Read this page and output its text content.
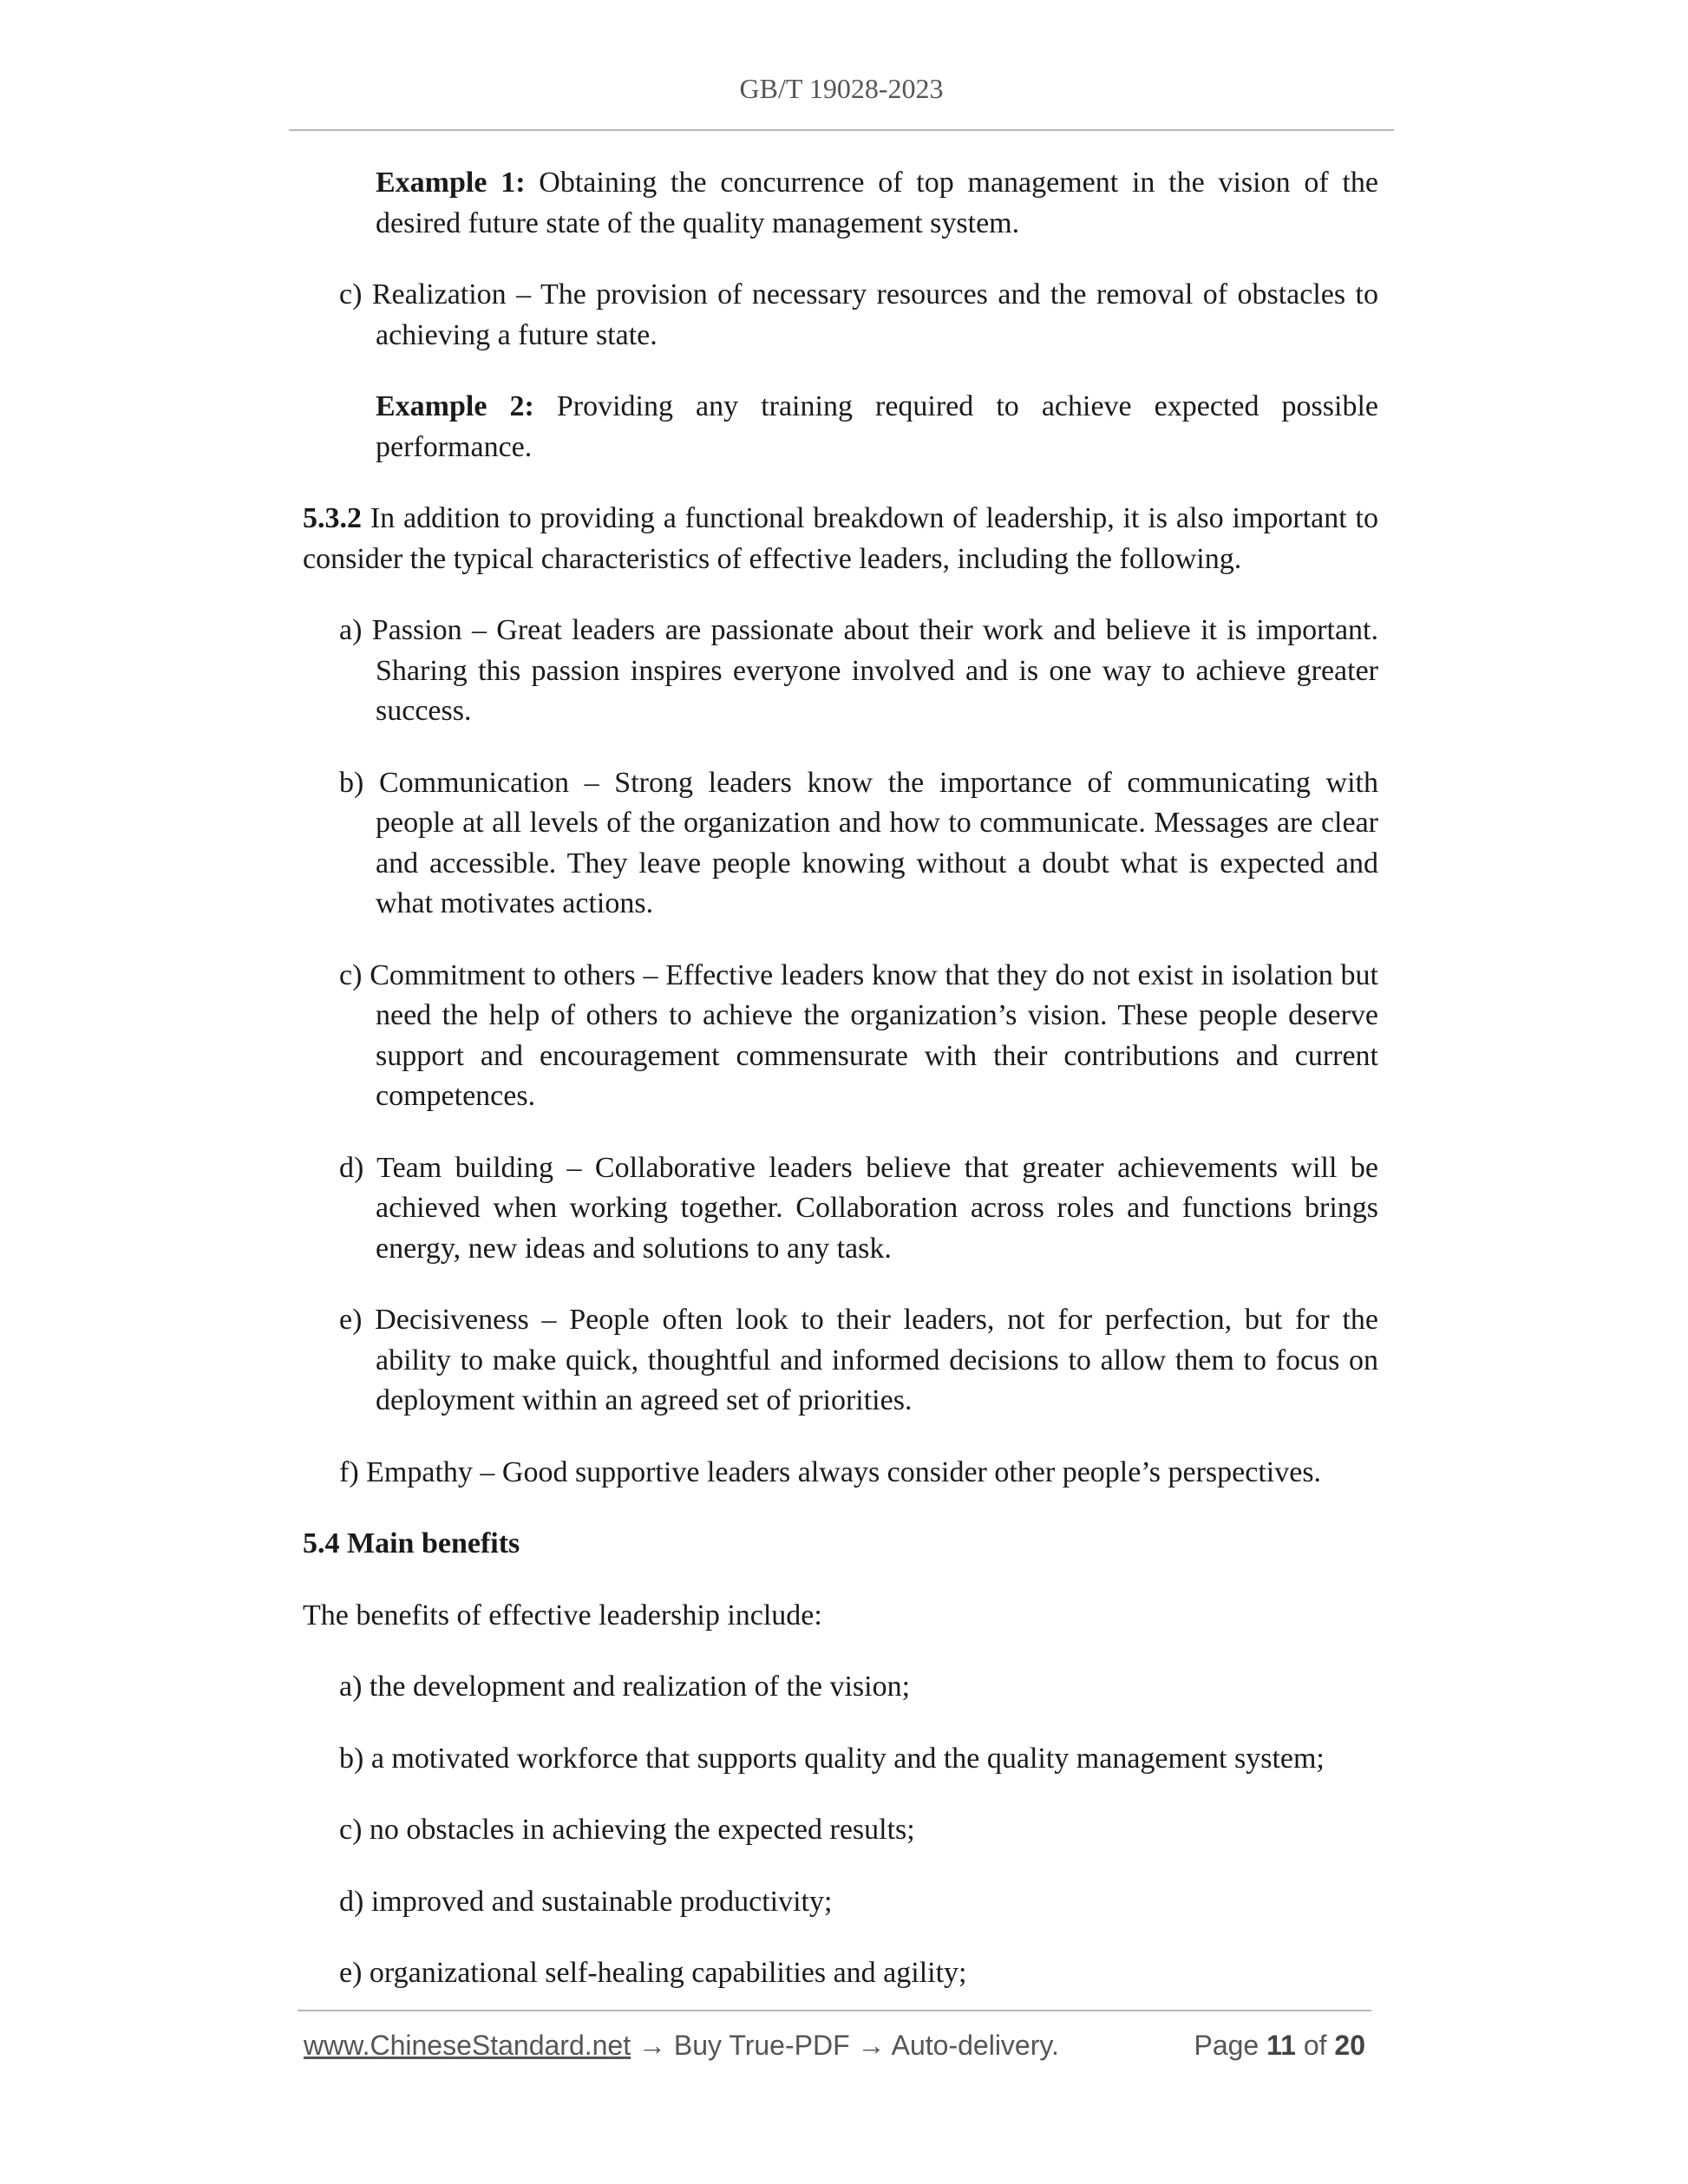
GB/T 19028-2023

Example 1: Obtaining the concurrence of top management in the vision of the desired future state of the quality management system.

c) Realization – The provision of necessary resources and the removal of obstacles to achieving a future state.

Example 2: Providing any training required to achieve expected possible performance.

5.3.2 In addition to providing a functional breakdown of leadership, it is also important to consider the typical characteristics of effective leaders, including the following.

a) Passion – Great leaders are passionate about their work and believe it is important. Sharing this passion inspires everyone involved and is one way to achieve greater success.

b) Communication – Strong leaders know the importance of communicating with people at all levels of the organization and how to communicate. Messages are clear and accessible. They leave people knowing without a doubt what is expected and what motivates actions.

c) Commitment to others – Effective leaders know that they do not exist in isolation but need the help of others to achieve the organization’s vision. These people deserve support and encouragement commensurate with their contributions and current competences.

d) Team building – Collaborative leaders believe that greater achievements will be achieved when working together. Collaboration across roles and functions brings energy, new ideas and solutions to any task.

e) Decisiveness – People often look to their leaders, not for perfection, but for the ability to make quick, thoughtful and informed decisions to allow them to focus on deployment within an agreed set of priorities.

f) Empathy – Good supportive leaders always consider other people’s perspectives.

5.4 Main benefits

The benefits of effective leadership include:

a) the development and realization of the vision;

b) a motivated workforce that supports quality and the quality management system;

c) no obstacles in achieving the expected results;

d) improved and sustainable productivity;

e) organizational self-healing capabilities and agility;

www.ChineseStandard.net → Buy True-PDF → Auto-delivery.	Page 11 of 20
